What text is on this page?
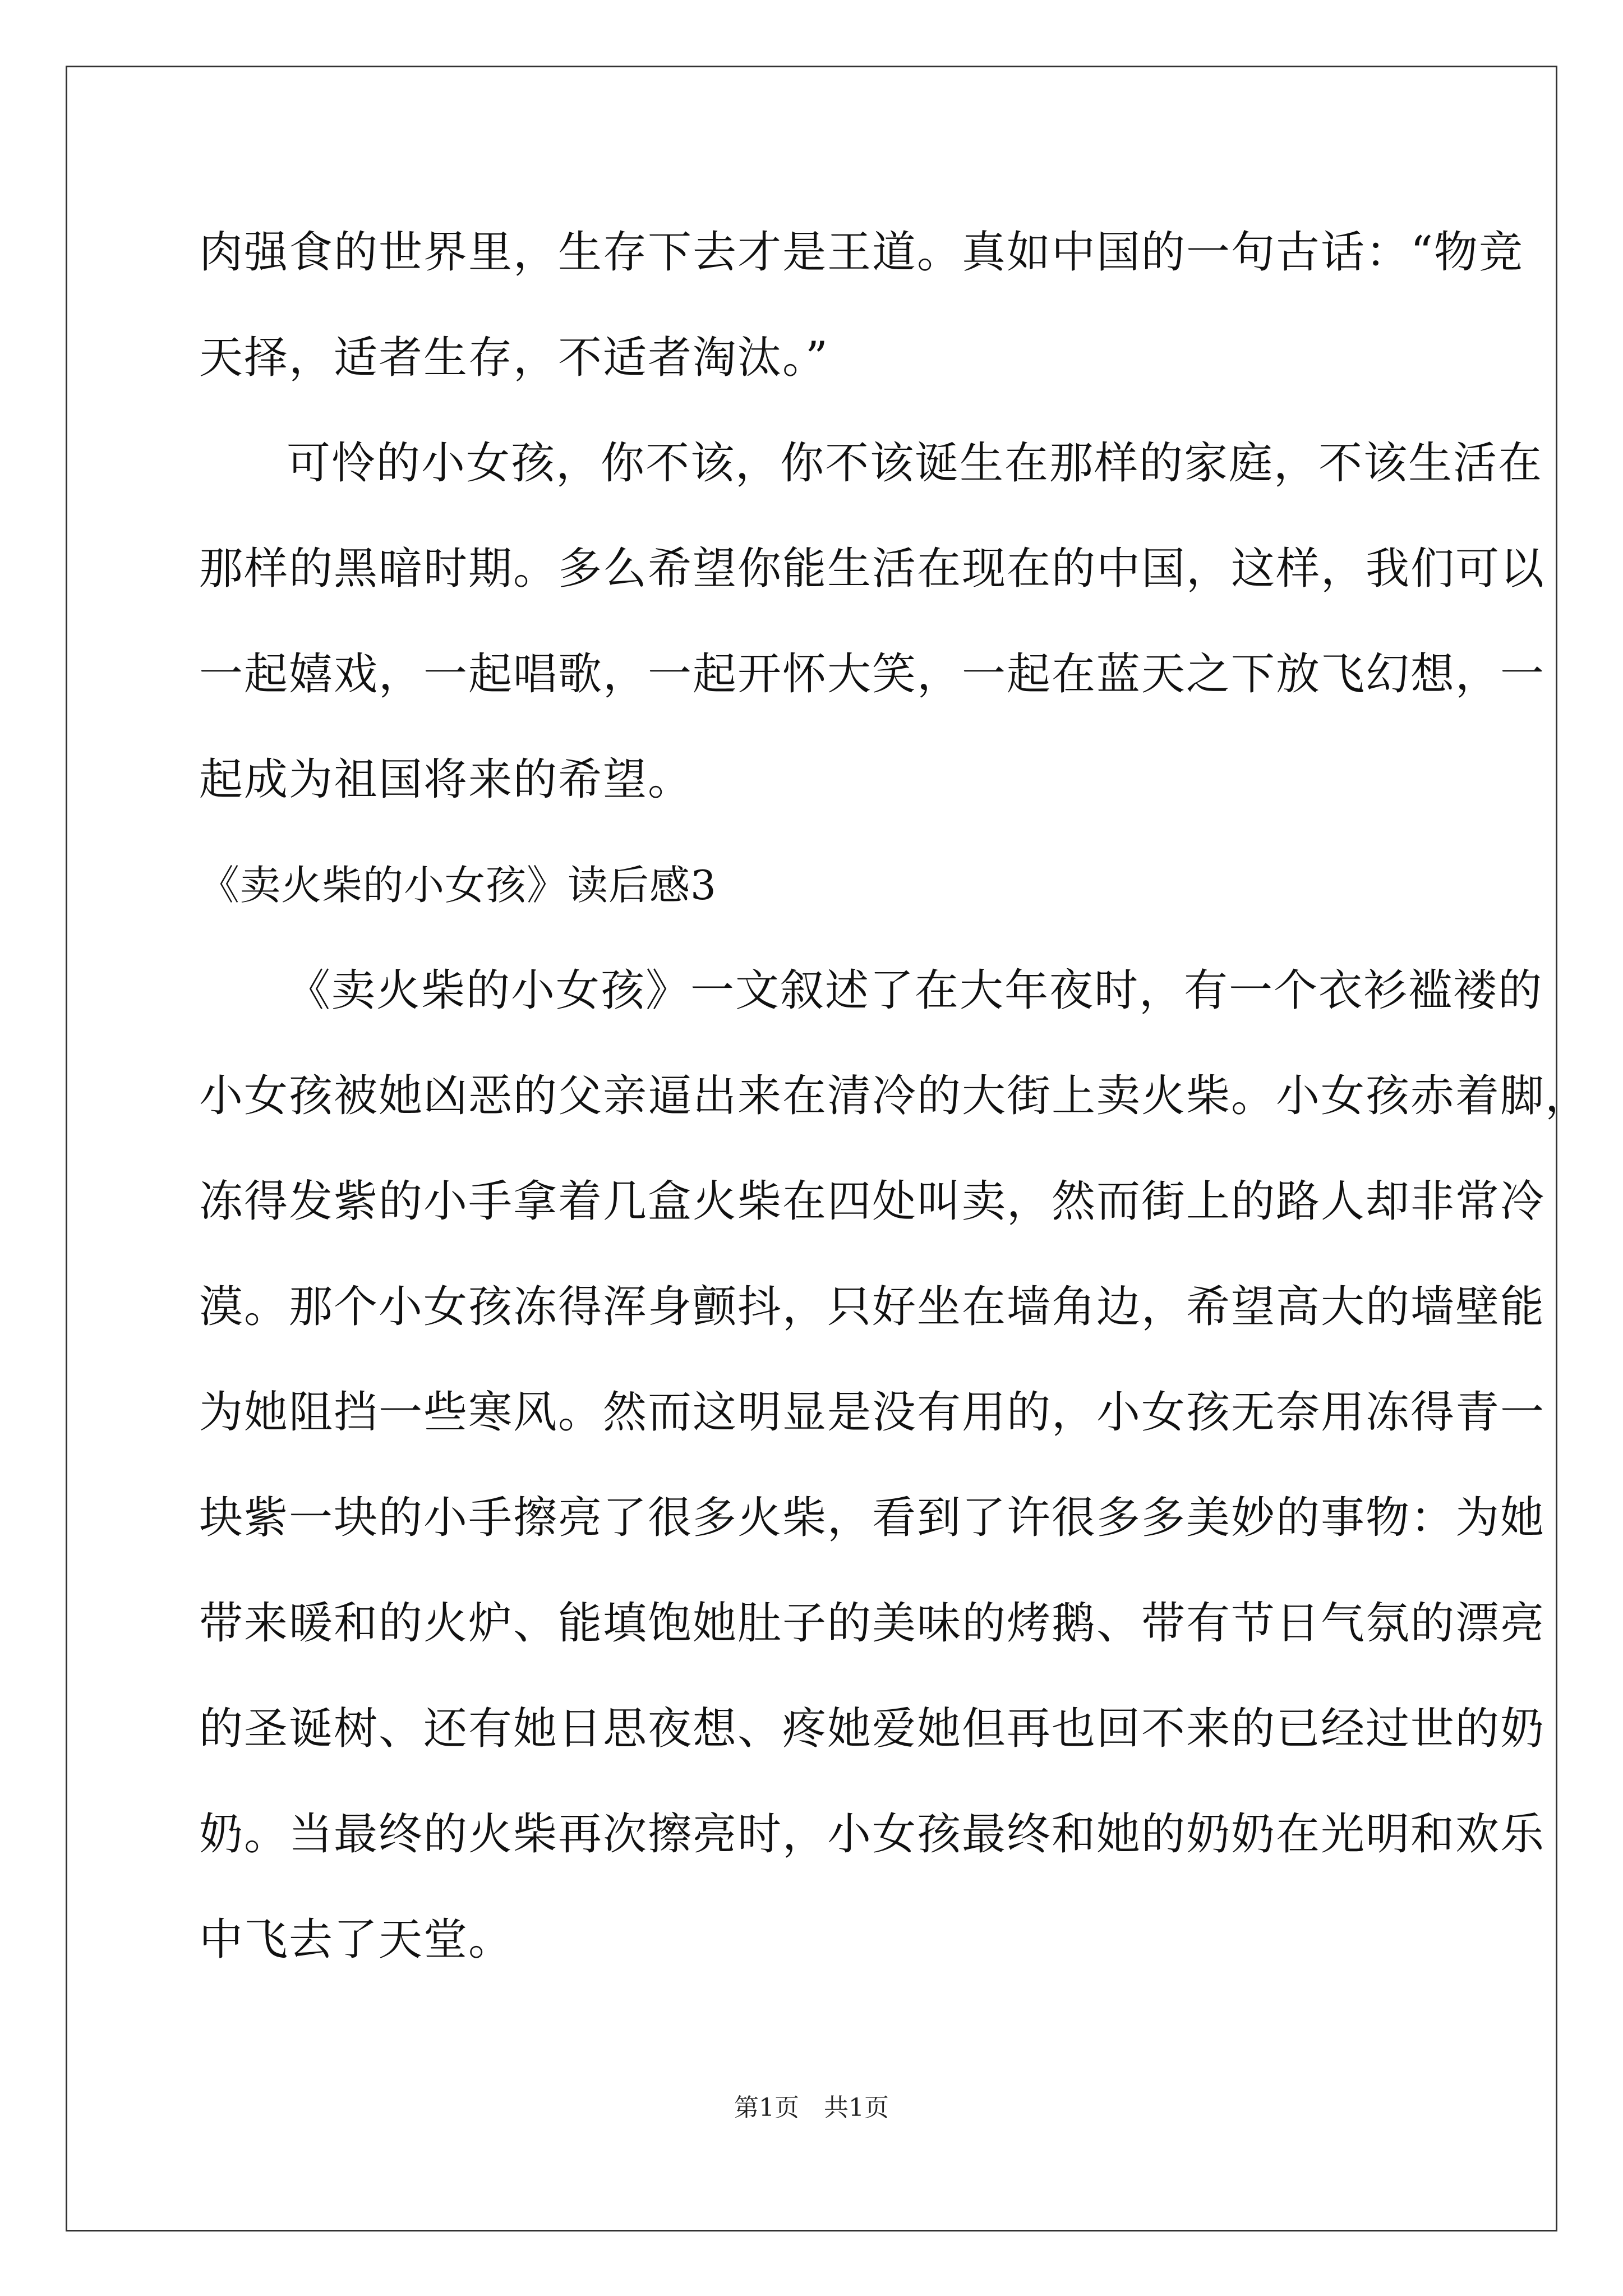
肉强食的世界里，生存下去才是王道。真如中国的一句古话：“物竞
天择，适者生存，不适者淘汰。”
可怜的小女孩，你不该，你不该诞生在那样的家庭，不该生活在
那样的黑暗时期。多么希望你能生活在现在的中国，这样，我们可以
一起嬉戏，一起唱歌，一起开怀大笑，一起在蓝天之下放飞幻想，一
起成为祖国将来的希望。
《卖火柴的小女孩》读后感3
《卖火柴的小女孩》一文叙述了在大年夜时，有一个衣衫褴褛的
小女孩被她凶恶的父亲逼出来在清冷的大街上卖火柴。小女孩赤着脚，
冻得发紫的小手拿着几盒火柴在四处叫卖，然而街上的路人却非常冷
漠。那个小女孩冻得浑身颤抖，只好坐在墙角边，希望高大的墙壁能
为她阻挡一些寒风。然而这明显是没有用的，小女孩无奈用冻得青一
块紫一块的小手擦亮了很多火柴，看到了许很多多美妙的事物：为她
带来暖和的火炉、能填饱她肚子的美味的烤鹅、带有节日气氛的漂亮
的圣诞树、还有她日思夜想、疼她爱她但再也回不来的已经过世的奶
奶。当最终的火柴再次擦亮时，小女孩最终和她的奶奶在光明和欢乐
中飞去了天堂。
第1页　共1页
